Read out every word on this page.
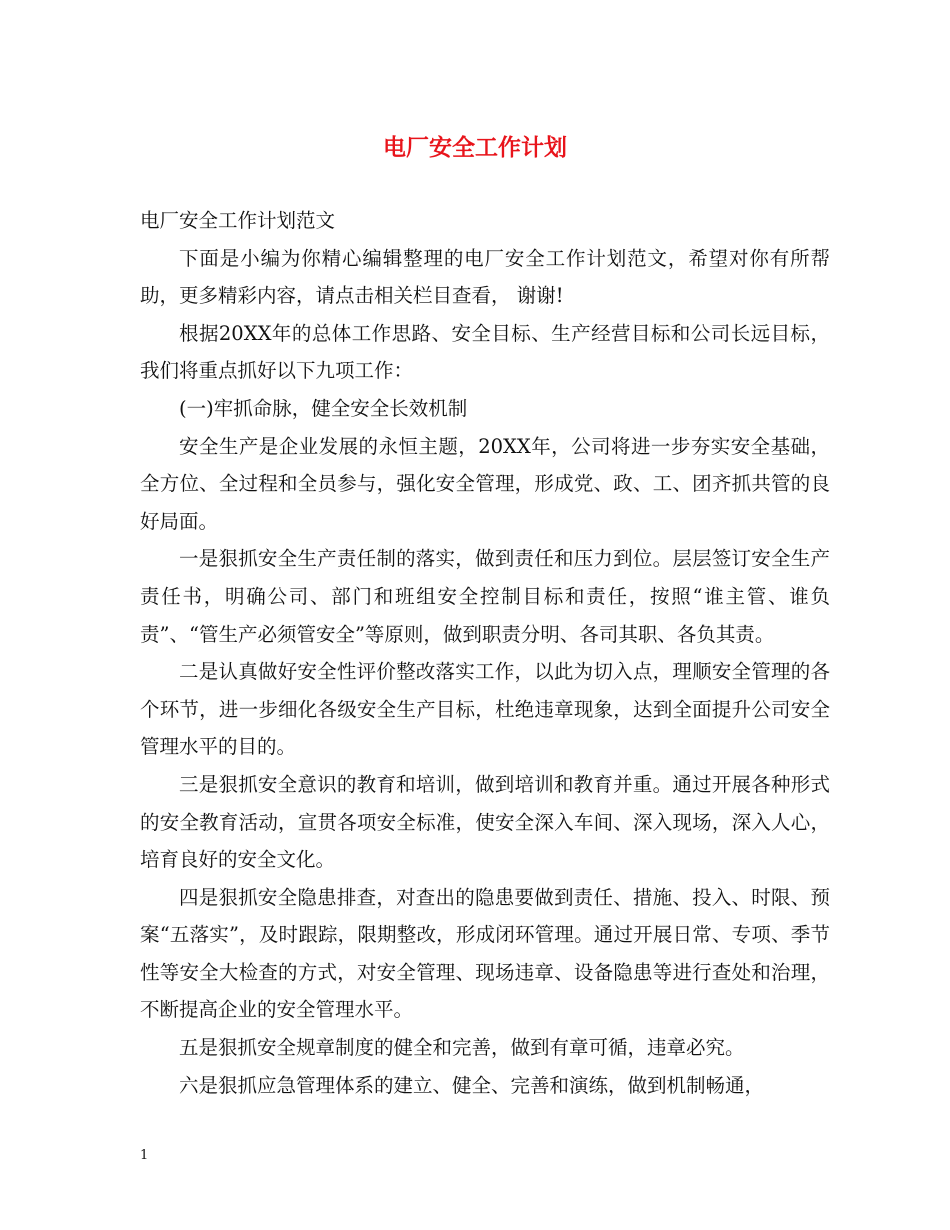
电厂安全工作计划

电厂安全工作计划范文

下面是小编为你精心编辑整理的电厂安全工作计划范文，希望对你有所帮助，更多精彩内容，请点击相关栏目查看， 谢谢!

根据20XX年的总体工作思路、安全目标、生产经营目标和公司长远目标，我们将重点抓好以下九项工作：

(一)牢抓命脉，健全安全长效机制

安全生产是企业发展的永恒主题，20XX年，公司将进一步夯实安全基础，全方位、全过程和全员参与，强化安全管理，形成党、政、工、团齐抓共管的良好局面。

一是狠抓安全生产责任制的落实，做到责任和压力到位。层层签订安全生产责任书，明确公司、部门和班组安全控制目标和责任，按照“谁主管、谁负责”、“管生产必须管安全”等原则，做到职责分明、各司其职、各负其责。

二是认真做好安全性评价整改落实工作，以此为切入点，理顺安全管理的各个环节，进一步细化各级安全生产目标，杜绝违章现象，达到全面提升公司安全管理水平的目的。

三是狠抓安全意识的教育和培训，做到培训和教育并重。通过开展各种形式的安全教育活动，宣贯各项安全标准，使安全深入车间、深入现场，深入人心，培育良好的安全文化。

四是狠抓安全隐患排查，对查出的隐患要做到责任、措施、投入、时限、预案“五落实”，及时跟踪，限期整改，形成闭环管理。通过开展日常、专项、季节性等安全大检查的方式，对安全管理、现场违章、设备隐患等进行查处和治理，不断提高企业的安全管理水平。

五是狠抓安全规章制度的健全和完善，做到有章可循，违章必究。

六是狠抓应急管理体系的建立、健全、完善和演练，做到机制畅通，

1
